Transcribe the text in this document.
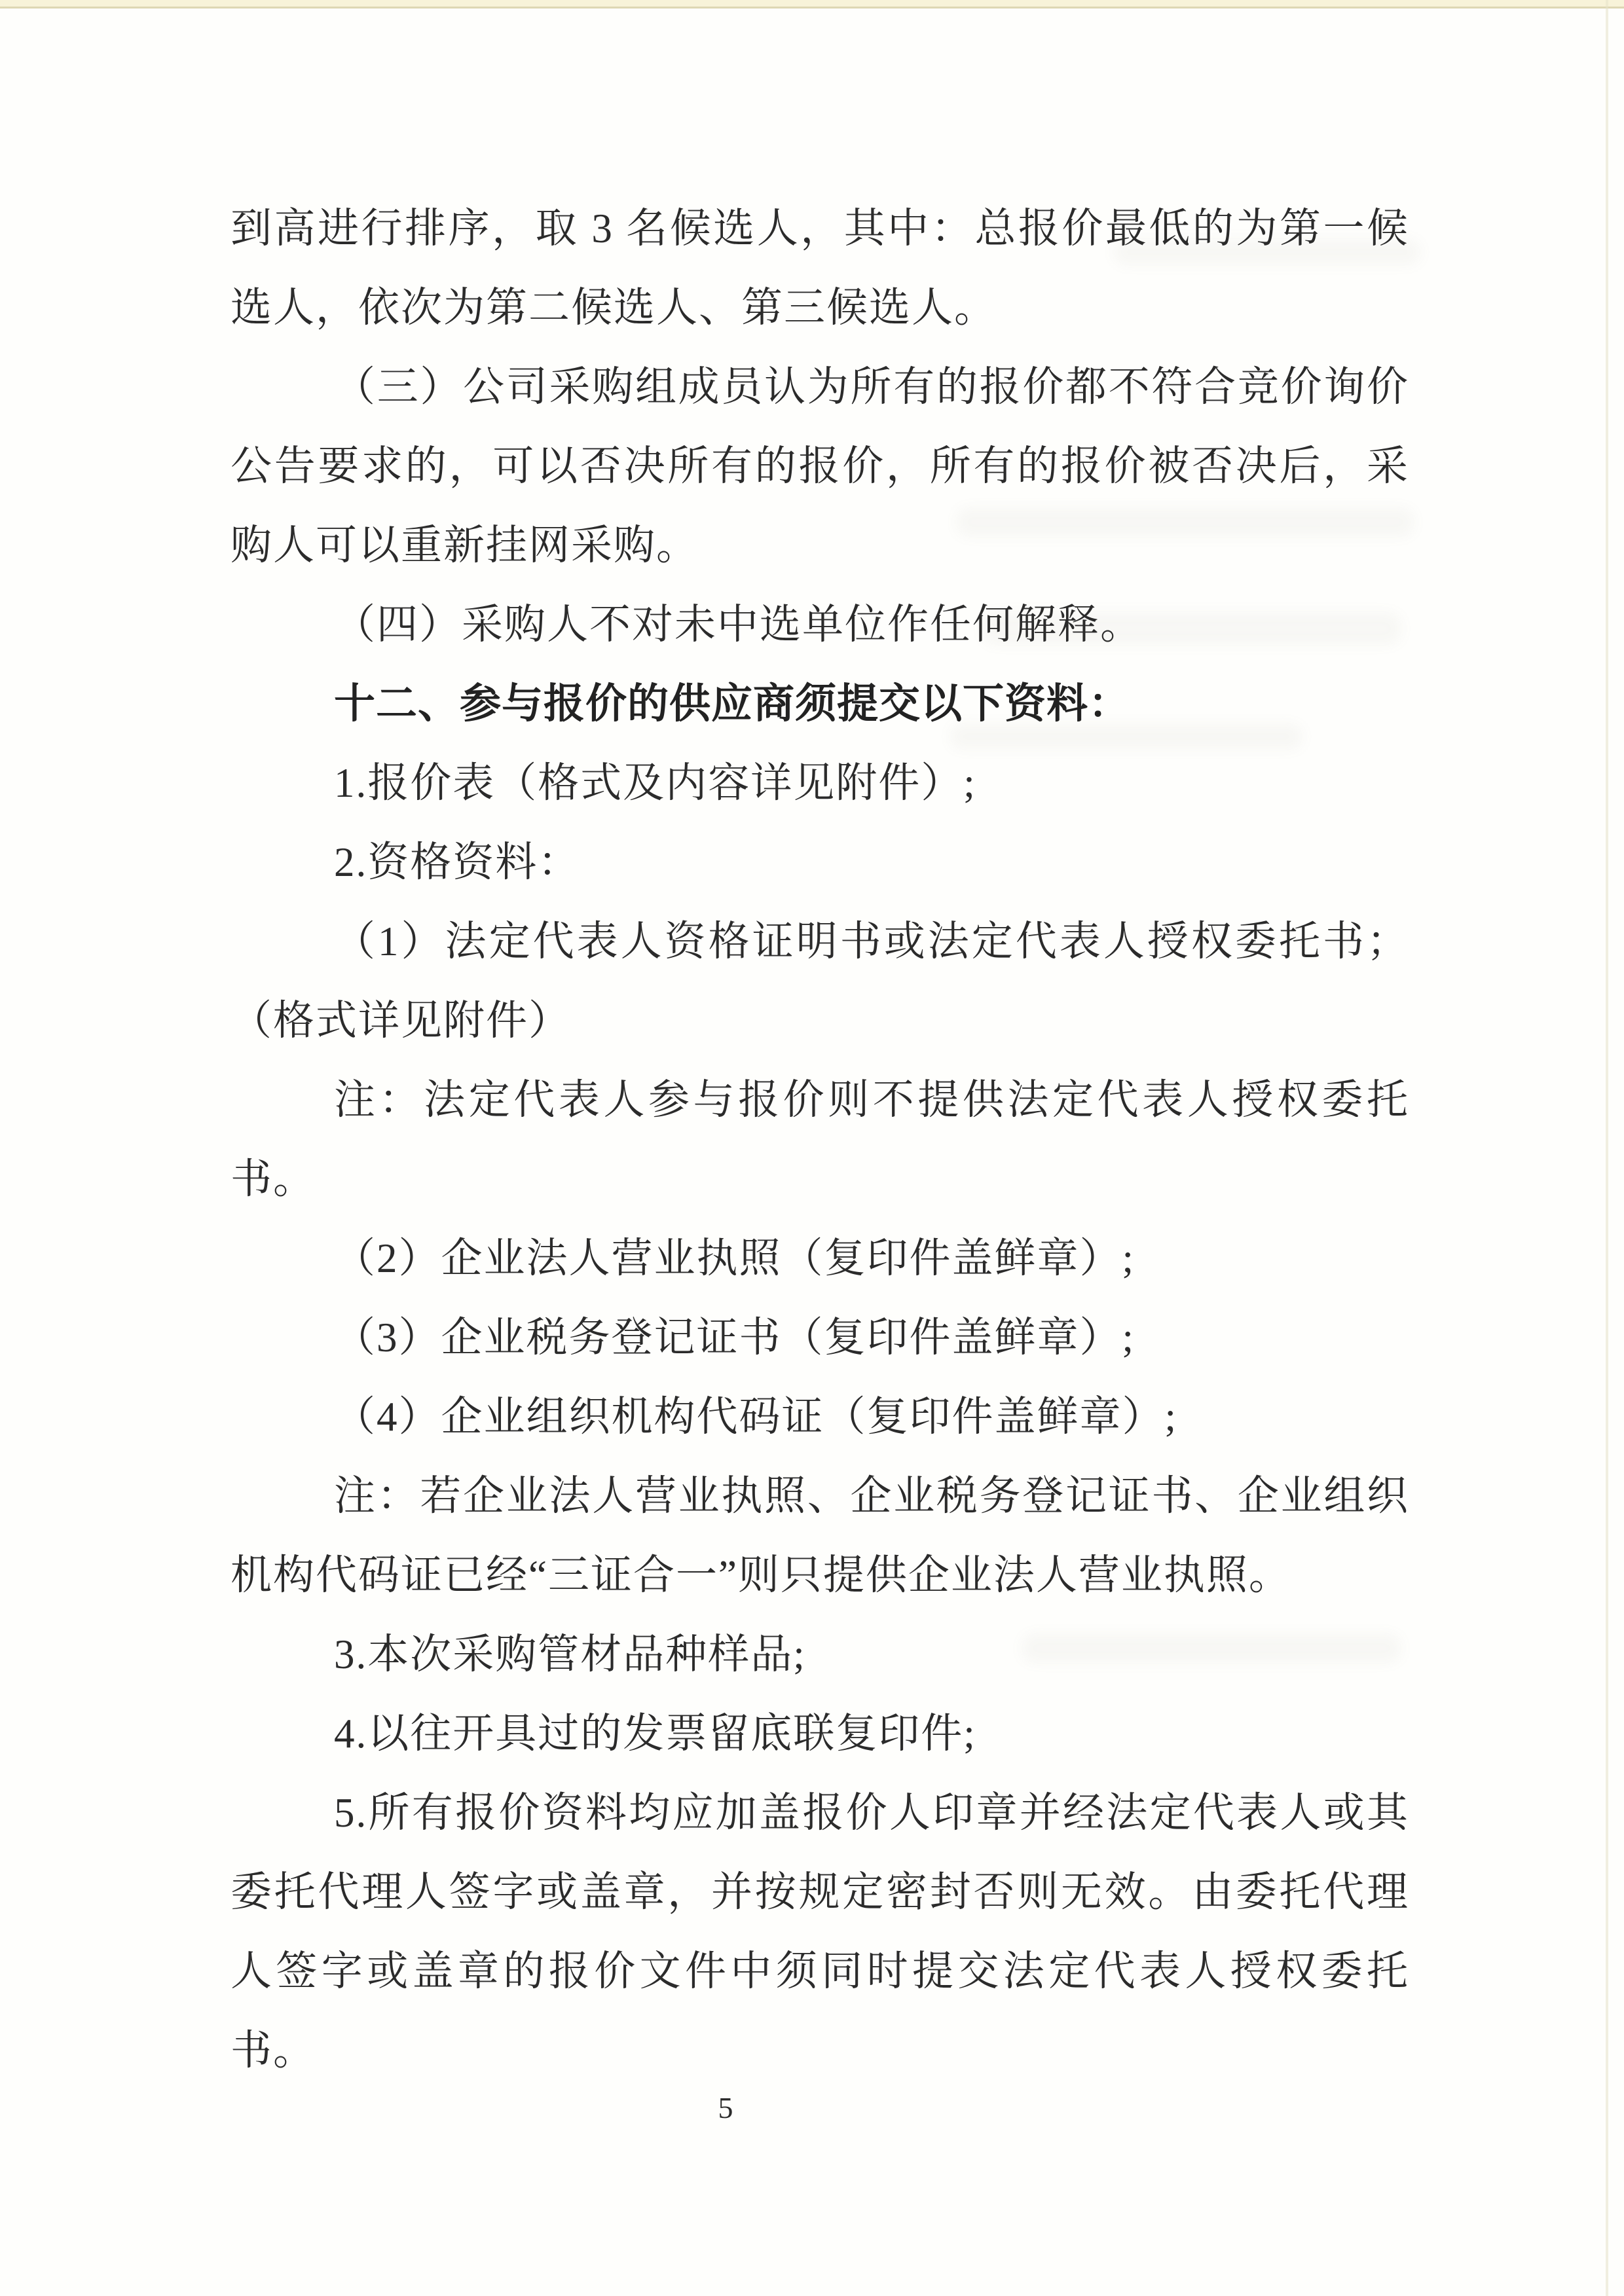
到高进行排序，取 3 名候选人，其中：总报价最低的为第一候选人，依次为第二候选人、第三候选人。

（三）公司采购组成员认为所有的报价都不符合竞价询价公告要求的，可以否决所有的报价，所有的报价被否决后，采购人可以重新挂网采购。

（四）采购人不对未中选单位作任何解释。

十二、参与报价的供应商须提交以下资料：

1.报价表（格式及内容详见附件）;

2.资格资料：

（1）法定代表人资格证明书或法定代表人授权委托书；（格式详见附件）

注：法定代表人参与报价则不提供法定代表人授权委托书。

（2）企业法人营业执照（复印件盖鲜章）;

（3）企业税务登记证书（复印件盖鲜章）;

（4）企业组织机构代码证（复印件盖鲜章）;

注：若企业法人营业执照、企业税务登记证书、企业组织机构代码证已经“三证合一”则只提供企业法人营业执照。

3.本次采购管材品种样品;

4.以往开具过的发票留底联复印件;

5.所有报价资料均应加盖报价人印章并经法定代表人或其委托代理人签字或盖章，并按规定密封否则无效。由委托代理人签字或盖章的报价文件中须同时提交法定代表人授权委托书。

5
